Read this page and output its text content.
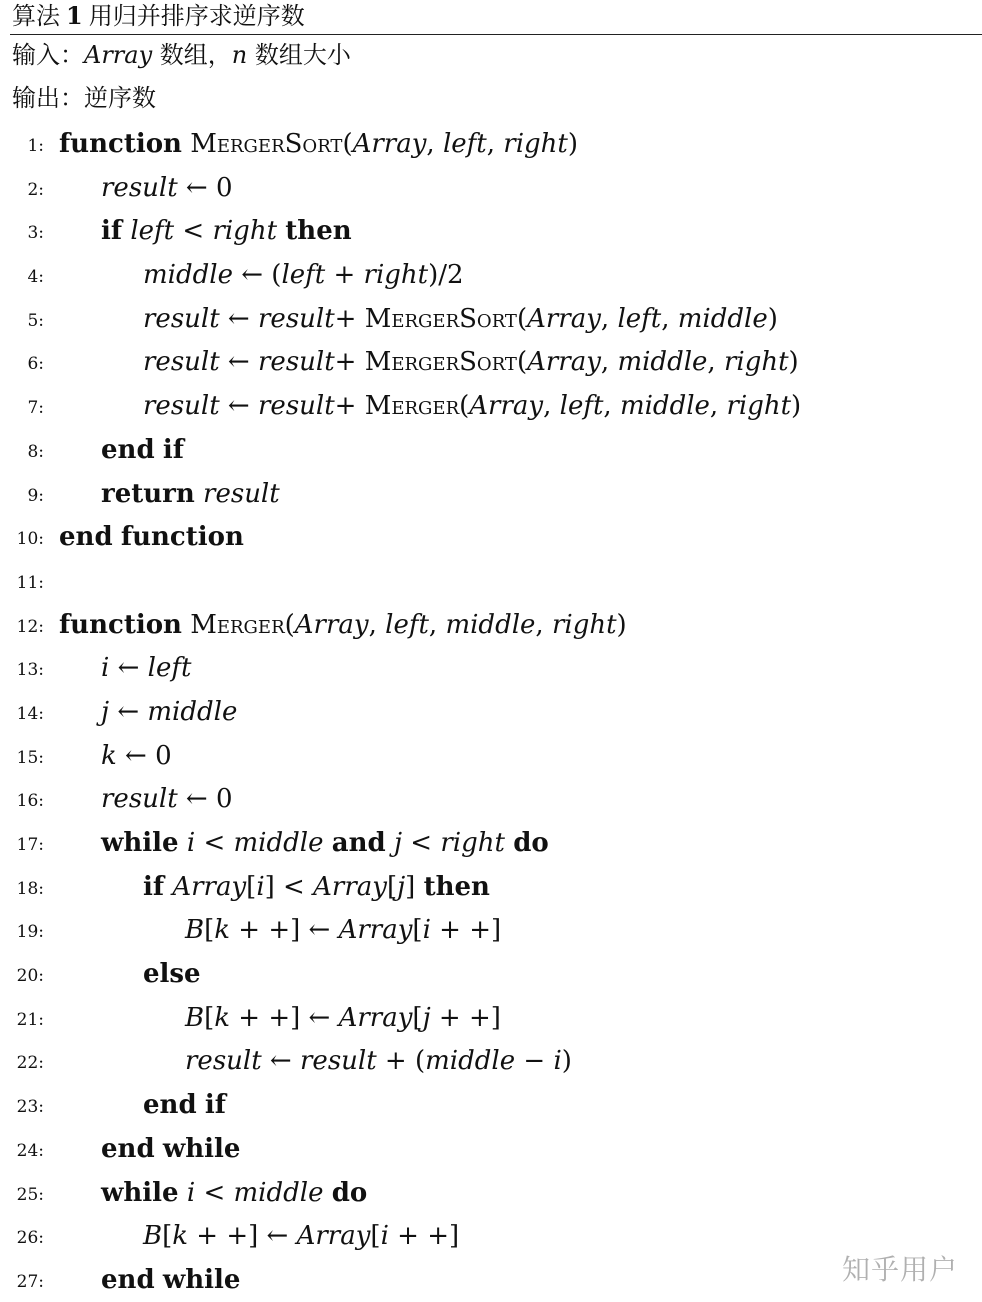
算法 1 用归并排序求逆序数
输入：Array 数组，n 数组大小
输出：逆序数
1: function MergerSort(Array, left, right)
2: result ← 0
3: if left < right then
4:	middle ← (left + right)/2
5:	result ← result+ MergerSort(Array, left, middle)
6:	result ← result+ MergerSort(Array, middle, right)
7:	result ← result+ Merger(Array, left, middle, right)
8: end if
9: return result
10: end function
11:
12: function Merger(Array, left, middle, right)
13: i ← left
14: j ← middle
15: k ← 0
16: result ← 0
17: while i < middle and j < right do
18:	if Array[i] < Array[j] then
19:	B[k + +] ← Array[i + +]
20:	else
21:	B[k + +] ← Array[j + +]
22:	result ← result + (middle − i)
23:	end if
24: end while
25: while i < middle do
26:	B[k + +] ← Array[i + +]
27: end while	知乎用户
